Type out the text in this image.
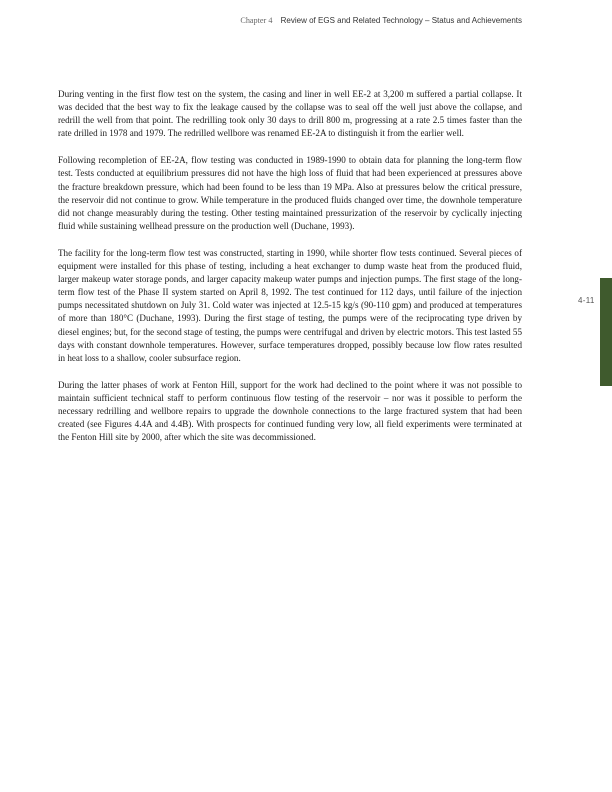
Chapter 4 Review of EGS and Related Technology – Status and Achievements

During venting in the first flow test on the system, the casing and liner in well EE-2 at 3,200 m suffered a partial collapse. It was decided that the best way to fix the leakage caused by the collapse was to seal off the well just above the collapse, and redrill the well from that point. The redrilling took only 30 days to drill 800 m, progressing at a rate 2.5 times faster than the rate drilled in 1978 and 1979. The redrilled wellbore was renamed EE-2A to distinguish it from the earlier well.

Following recompletion of EE-2A, flow testing was conducted in 1989-1990 to obtain data for planning the long-term flow test. Tests conducted at equilibrium pressures did not have the high loss of fluid that had been experienced at pressures above the fracture breakdown pressure, which had been found to be less than 19 MPa. Also at pressures below the critical pressure, the reservoir did not continue to grow. While temperature in the produced fluids changed over time, the downhole temperature did not change measurably during the testing. Other testing maintained pressurization of the reservoir by cyclically injecting fluid while sustaining wellhead pressure on the production well (Duchane, 1993).

The facility for the long-term flow test was constructed, starting in 1990, while shorter flow tests continued. Several pieces of equipment were installed for this phase of testing, including a heat exchanger to dump waste heat from the produced fluid, larger makeup water storage ponds, and larger capacity makeup water pumps and injection pumps. The first stage of the long-term flow test of the Phase II system started on April 8, 1992. The test continued for 112 days, until failure of the injection pumps necessitated shutdown on July 31. Cold water was injected at 12.5-15 kg/s (90-110 gpm) and produced at temperatures of more than 180°C (Duchane, 1993). During the first stage of testing, the pumps were of the reciprocating type driven by diesel engines; but, for the second stage of testing, the pumps were centrifugal and driven by electric motors. This test lasted 55 days with constant downhole temperatures. However, surface temperatures dropped, possibly because low flow rates resulted in heat loss to a shallow, cooler subsurface region.

During the latter phases of work at Fenton Hill, support for the work had declined to the point where it was not possible to maintain sufficient technical staff to perform continuous flow testing of the reservoir – nor was it possible to perform the necessary redrilling and wellbore repairs to upgrade the downhole connections to the large fractured system that had been created (see Figures 4.4A and 4.4B). With prospects for continued funding very low, all field experiments were terminated at the Fenton Hill site by 2000, after which the site was decommissioned.

4-11
